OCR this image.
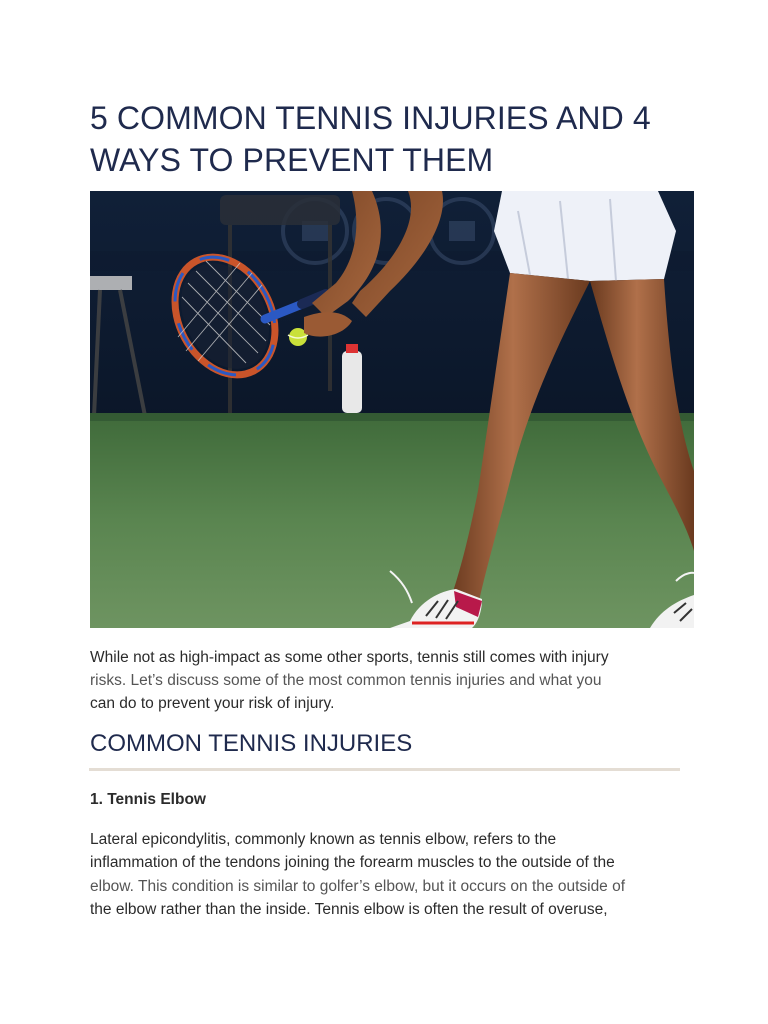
5 COMMON TENNIS INJURIES AND 4
WAYS TO PREVENT THEM

While not as high-impact as some other sports, tennis still comes with injury
risks. Let’s discuss some of the most common tennis injuries and what you
can do to prevent your risk of injury.

COMMON TENNIS INJURIES
1. Tennis Elbow

Lateral epicondylitis, commonly known as tennis elbow, refers to the
inflammation of the tendons joining the forearm muscles to the outside of the
elbow. This condition is similar to golfer’s elbow, but it occurs on the outside of
the elbow rather than the inside. Tennis elbow is often the result of overuse,
